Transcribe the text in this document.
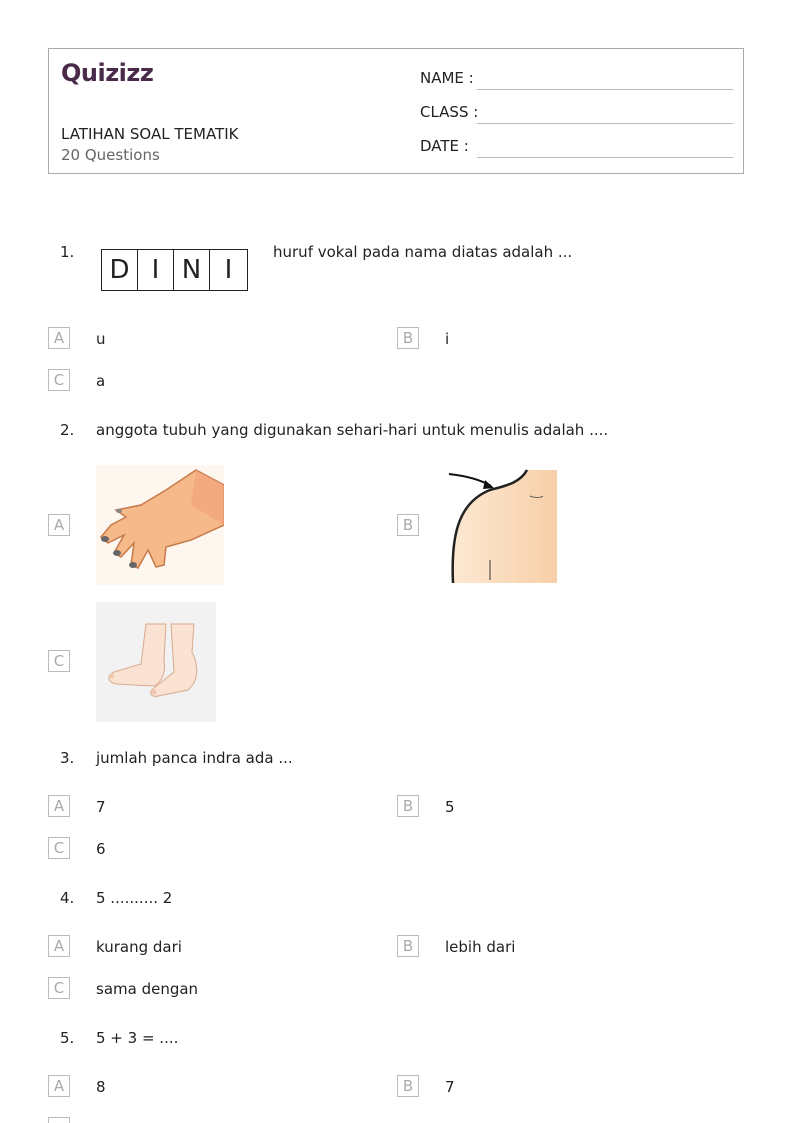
Quizizz
LATIHAN SOAL TEMATIK
20 Questions
NAME :
CLASS :
DATE :
1.
D I N I
huruf vokal pada nama diatas adalah ...
A	u	B	i
C	a
2. anggota tubuh yang digunakan sehari-hari untuk menulis adalah ....
A	B
C
3. jumlah panca indra ada ...
A	7	B	5
C	6
4. 5 .......... 2
A	kurang dari	B	lebih dari
C	sama dengan
5. 5 + 3 = ....
A	8	B	7
